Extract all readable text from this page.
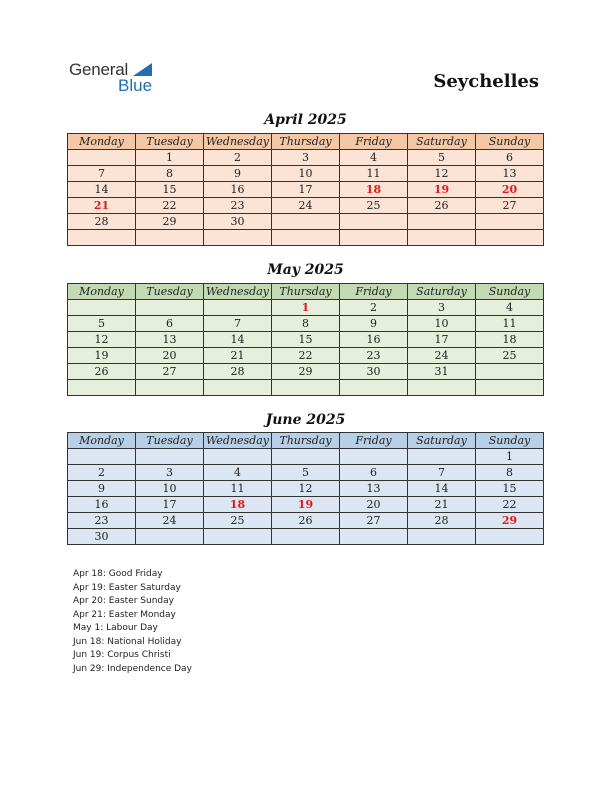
General
Blue	Seychelles
April 2025
Monday	Tuesday	Wednesday	Thursday	Friday	Saturday	Sunday
	1	2	3	4	5	6
7	8	9	10	11	12	13
14	15	16	17	18	19	20
21	22	23	24	25	26	27
28	29	30				

May 2025
Monday	Tuesday	Wednesday	Thursday	Friday	Saturday	Sunday
			1	2	3	4
5	6	7	8	9	10	11
12	13	14	15	16	17	18
19	20	21	22	23	24	25
26	27	28	29	30	31	

June 2025
Monday	Tuesday	Wednesday	Thursday	Friday	Saturday	Sunday
						1
2	3	4	5	6	7	8
9	10	11	12	13	14	15
16	17	18	19	20	21	22
23	24	25	26	27	28	29
30						
Apr 18: Good Friday
Apr 19: Easter Saturday
Apr 20: Easter Sunday
Apr 21: Easter Monday
May 1: Labour Day
Jun 18: National Holiday
Jun 19: Corpus Christi
Jun 29: Independence Day
